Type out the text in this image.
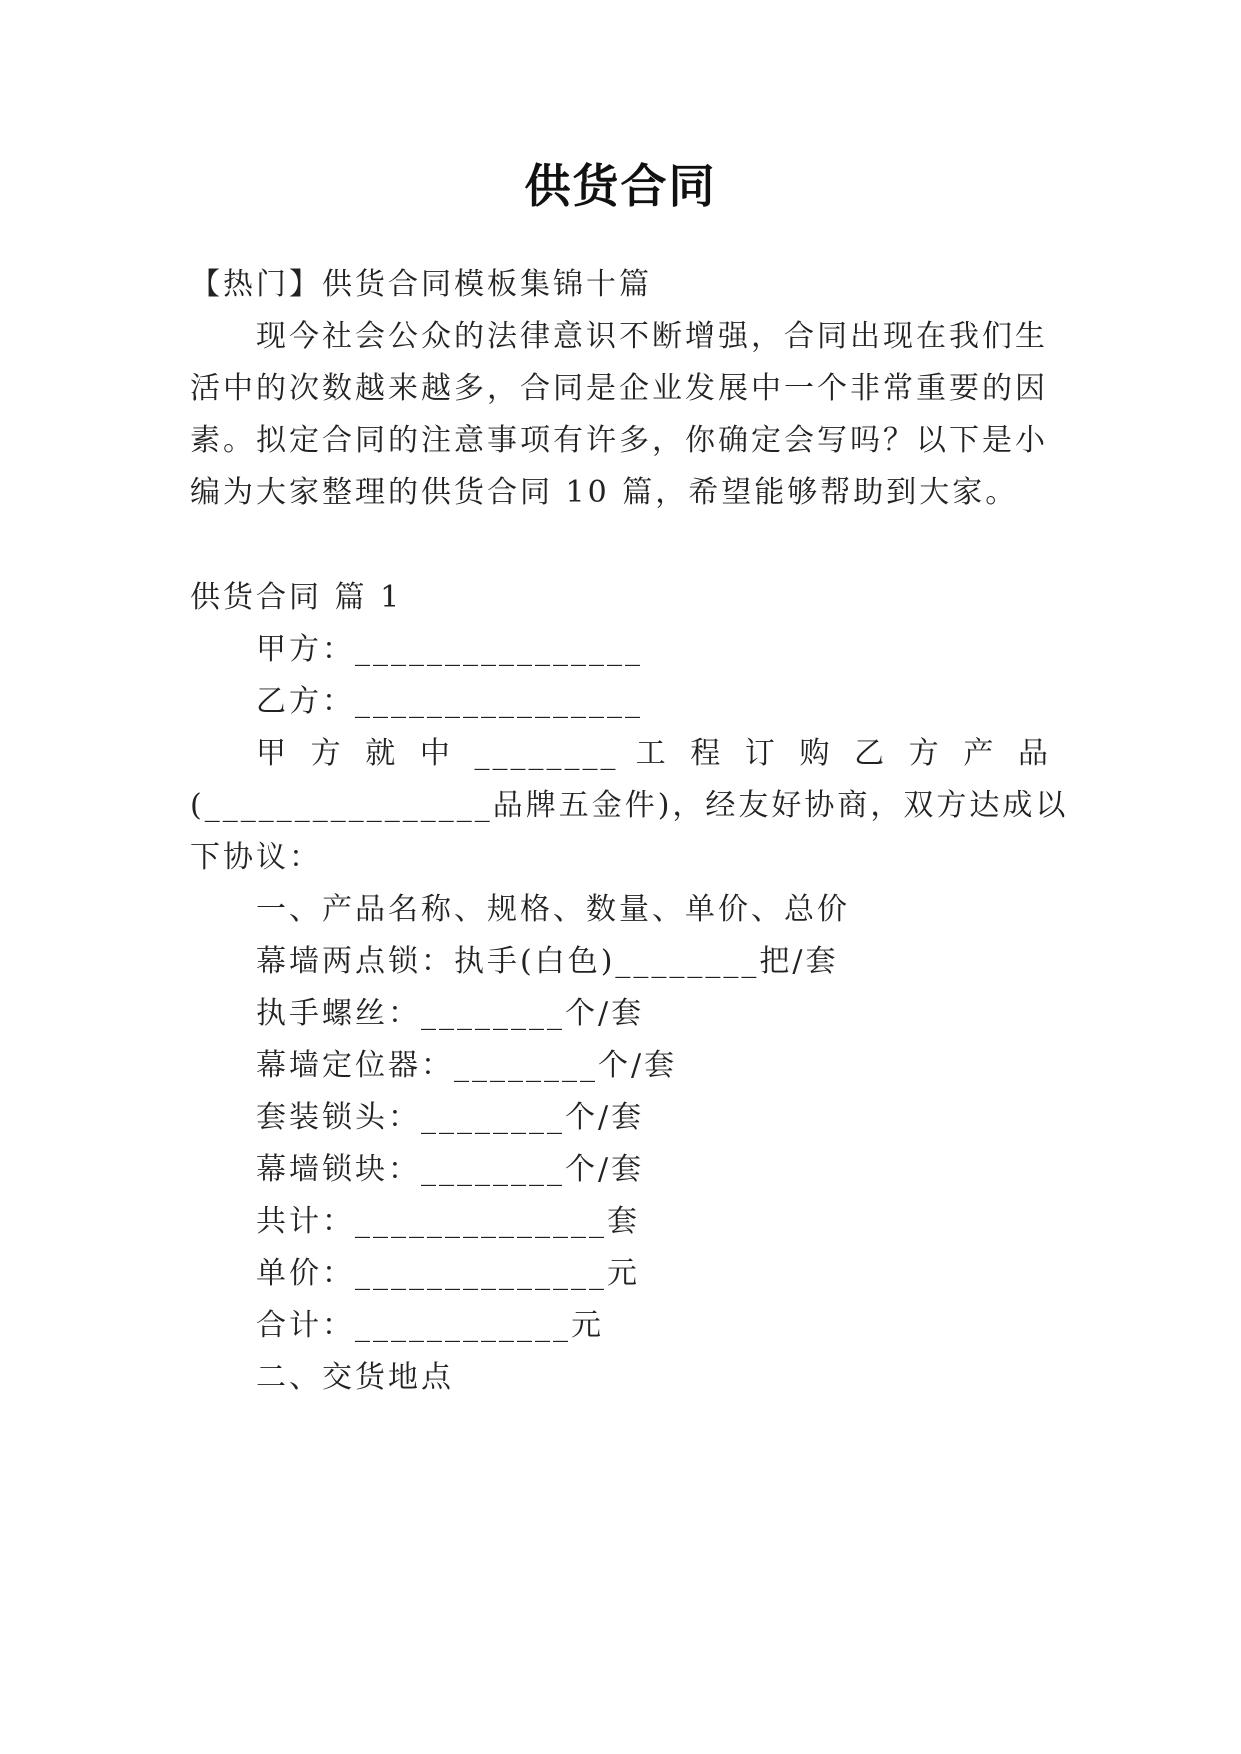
供货合同
【热门】供货合同模板集锦十篇
现今社会公众的法律意识不断增强，合同出现在我们生
活中的次数越来越多，合同是企业发展中一个非常重要的因
素。拟定合同的注意事项有许多，你确定会写吗？以下是小
编为大家整理的供货合同 10 篇，希望能够帮助到大家。
供货合同 篇 1
甲方：________________
乙方：________________
甲 方 就 中 ________ 工 程 订 购 乙 方 产 品
(________________品牌五金件)，经友好协商，双方达成以
下协议：
一、产品名称、规格、数量、单价、总价
幕墙两点锁：执手(白色)________把/套
执手螺丝：________个/套
幕墙定位器：________个/套
套装锁头：________个/套
幕墙锁块：________个/套
共计：______________套
单价：______________元
合计：____________元
二、交货地点
